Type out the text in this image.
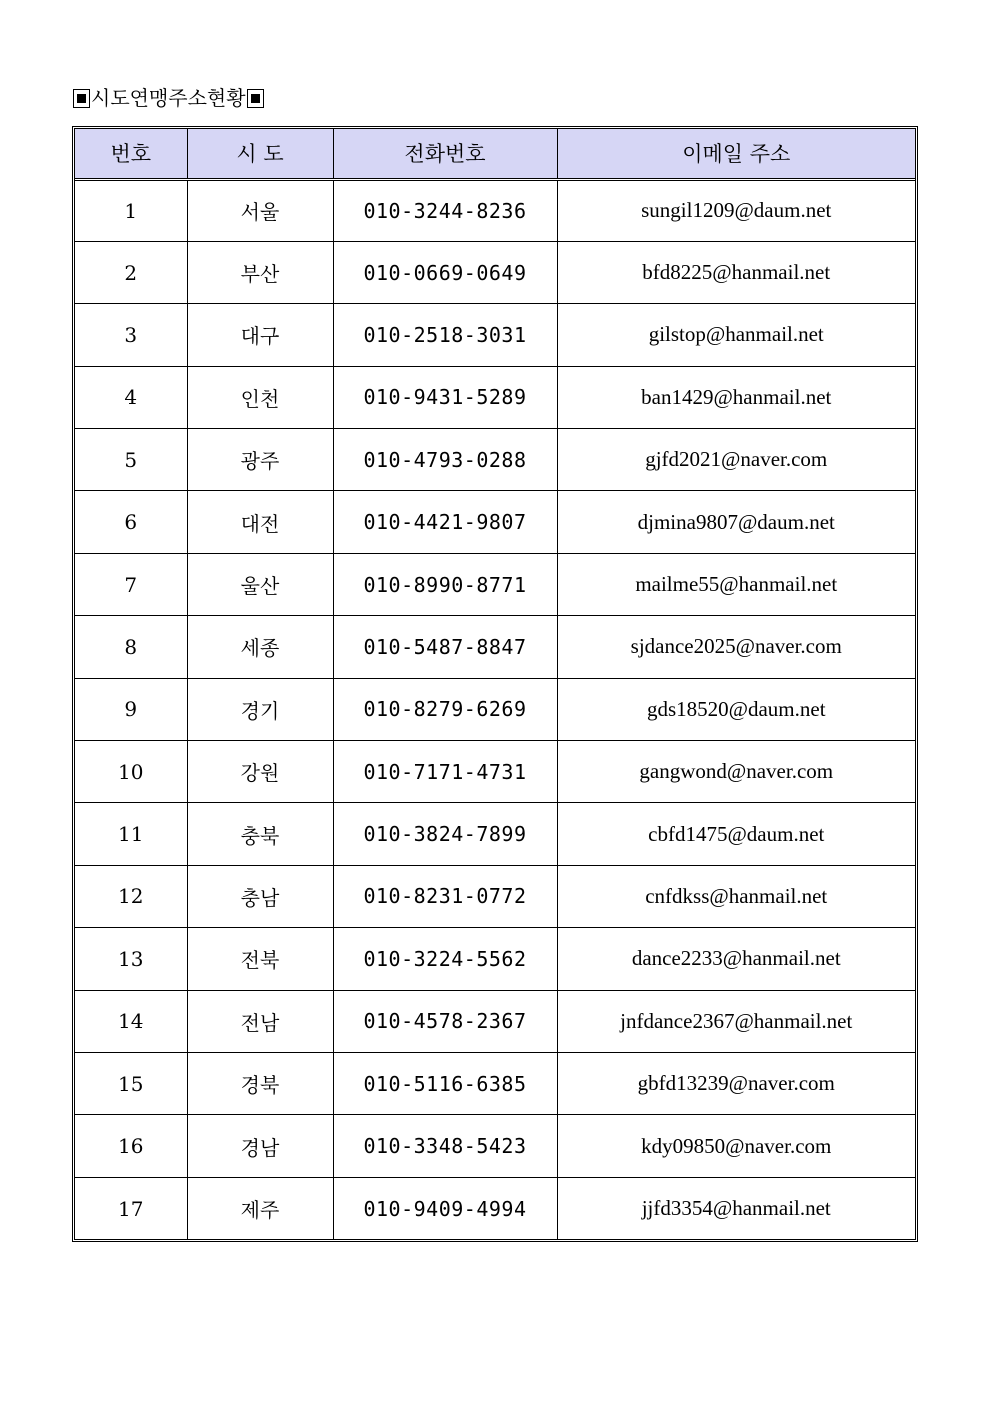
시도연맹주소현황
번호	시 도	전화번호	이메일 주소
1	서울	010-3244-8236	sungil1209@daum.net
2	부산	010-0669-0649	bfd8225@hanmail.net
3	대구	010-2518-3031	gilstop@hanmail.net
4	인천	010-9431-5289	ban1429@hanmail.net
5	광주	010-4793-0288	gjfd2021@naver.com
6	대전	010-4421-9807	djmina9807@daum.net
7	울산	010-8990-8771	mailme55@hanmail.net
8	세종	010-5487-8847	sjdance2025@naver.com
9	경기	010-8279-6269	gds18520@daum.net
10	강원	010-7171-4731	gangwond@naver.com
11	충북	010-3824-7899	cbfd1475@daum.net
12	충남	010-8231-0772	cnfdkss@hanmail.net
13	전북	010-3224-5562	dance2233@hanmail.net
14	전남	010-4578-2367	jnfdance2367@hanmail.net
15	경북	010-5116-6385	gbfd13239@naver.com
16	경남	010-3348-5423	kdy09850@naver.com
17	제주	010-9409-4994	jjfd3354@hanmail.net
